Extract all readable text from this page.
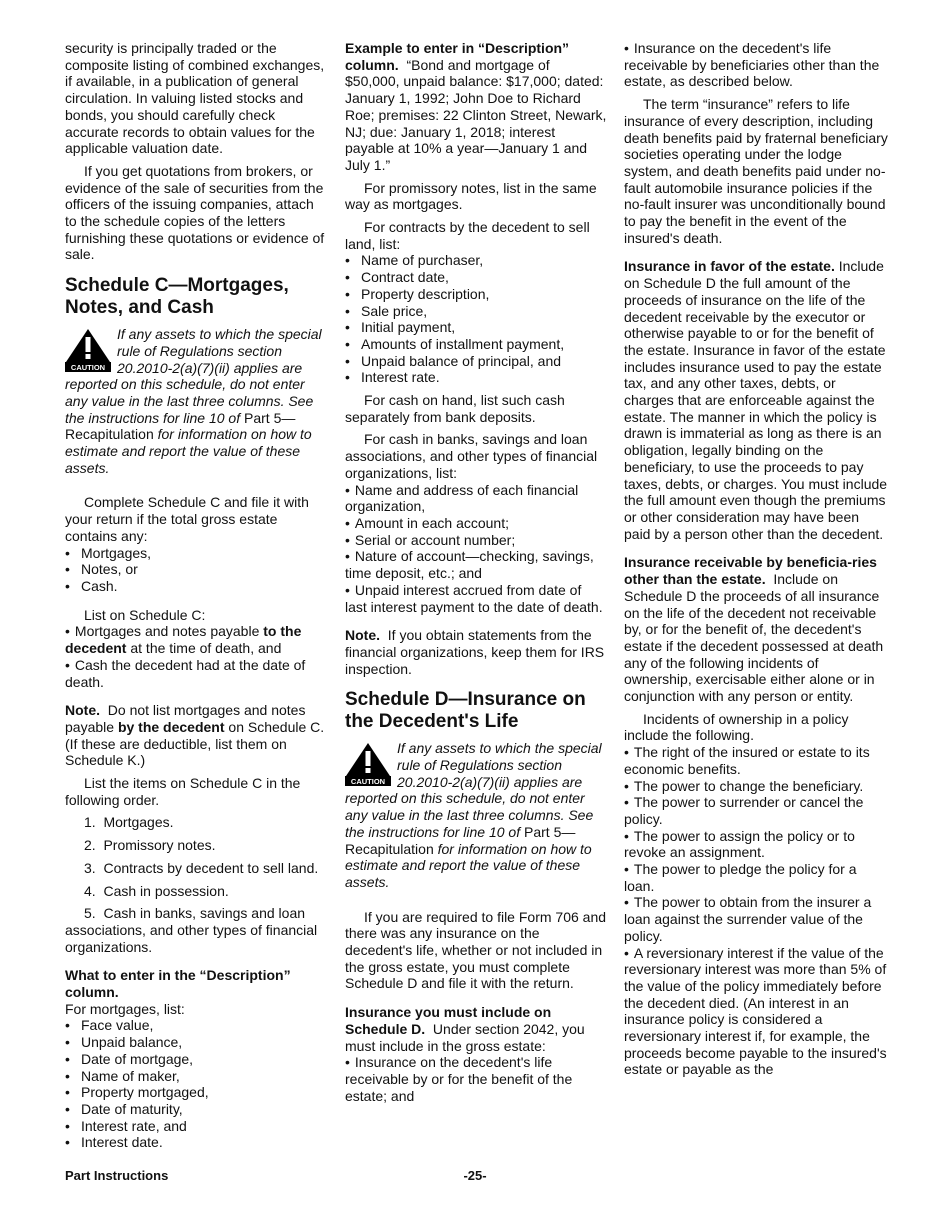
security is principally traded or the composite listing of combined exchanges, if available, in a publication of general circulation. In valuing listed stocks and bonds, you should carefully check accurate records to obtain values for the applicable valuation date.

If you get quotations from brokers, or evidence of the sale of securities from the officers of the issuing companies, attach to the schedule copies of the letters furnishing these quotations or evidence of sale.

Schedule C—Mortgages, Notes, and Cash
CAUTION
If any assets to which the special rule of Regulations section 20.2010-2(a)(7)(ii) applies are reported on this schedule, do not enter any value in the last three columns. See the instructions for line 10 of Part 5—Recapitulation for information on how to estimate and report the value of these assets.

Complete Schedule C and file it with your return if the total gross estate contains any:

• Mortgages,
• Notes, or
• Cash.

List on Schedule C:

• Mortgages and notes payable to the decedent at the time of death, and
• Cash the decedent had at the date of death.

Note. Do not list mortgages and notes payable by the decedent on Schedule C. (If these are deductible, list them on Schedule K.)

List the items on Schedule C in the following order.

1.  Mortgages.

2.  Promissory notes.

3.  Contracts by decedent to sell land.

4.  Cash in possession.

5.  Cash in banks, savings and loan associations, and other types of financial organizations.

What to enter in the “Description” column.
For mortgages, list:
• Face value,
• Unpaid balance,
• Date of mortgage,
• Name of maker,
• Property mortgaged,
• Date of maturity,
• Interest rate, and
• Interest date.

Example to enter in “Description” column. “Bond and mortgage of $50,000, unpaid balance: $17,000; dated: January 1, 1992; John Doe to Richard Roe; premises: 22 Clinton Street, Newark, NJ; due: January 1, 2018; interest payable at 10% a year—January 1 and July 1.”

For promissory notes, list in the same way as mortgages.

For contracts by the decedent to sell land, list:

• Name of purchaser,
• Contract date,
• Property description,
• Sale price,
• Initial payment,
• Amounts of installment payment,
• Unpaid balance of principal, and
• Interest rate.

For cash on hand, list such cash separately from bank deposits.

For cash in banks, savings and loan associations, and other types of financial organizations, list:

• Name and address of each financial organization,
• Amount in each account;
• Serial or account number;
• Nature of account—checking, savings, time deposit, etc.; and
• Unpaid interest accrued from date of last interest payment to the date of death.

Note. If you obtain statements from the financial organizations, keep them for IRS inspection.

Schedule D—Insurance on the Decedent's Life
CAUTION
If any assets to which the special rule of Regulations section 20.2010-2(a)(7)(ii) applies are reported on this schedule, do not enter any value in the last three columns. See the instructions for line 10 of Part 5—Recapitulation for information on how to estimate and report the value of these assets.

If you are required to file Form 706 and there was any insurance on the decedent's life, whether or not included in the gross estate, you must complete Schedule D and file it with the return.

Insurance you must include on Schedule D. Under section 2042, you must include in the gross estate:

• Insurance on the decedent's life receivable by or for the benefit of the estate; and
• Insurance on the decedent's life receivable by beneficiaries other than the estate, as described below.

The term “insurance” refers to life insurance of every description, including death benefits paid by fraternal beneficiary societies operating under the lodge system, and death benefits paid under no-fault automobile insurance policies if the no-fault insurer was unconditionally bound to pay the benefit in the event of the insured's death.

Insurance in favor of the estate. Include on Schedule D the full amount of the proceeds of insurance on the life of the decedent receivable by the executor or otherwise payable to or for the benefit of the estate. Insurance in favor of the estate includes insurance used to pay the estate tax, and any other taxes, debts, or charges that are enforceable against the estate. The manner in which the policy is drawn is immaterial as long as there is an obligation, legally binding on the beneficiary, to use the proceeds to pay taxes, debts, or charges. You must include the full amount even though the premiums or other consideration may have been paid by a person other than the decedent.

Insurance receivable by beneficia-ries other than the estate. Include on Schedule D the proceeds of all insurance on the life of the decedent not receivable by, or for the benefit of, the decedent's estate if the decedent possessed at death any of the following incidents of ownership, exercisable either alone or in conjunction with any person or entity.

Incidents of ownership in a policy include the following.

• The right of the insured or estate to its economic benefits.
• The power to change the beneficiary.
• The power to surrender or cancel the policy.
• The power to assign the policy or to revoke an assignment.
• The power to pledge the policy for a loan.
• The power to obtain from the insurer a loan against the surrender value of the policy.
• A reversionary interest if the value of the reversionary interest was more than 5% of the value of the policy immediately before the decedent died. (An interest in an insurance policy is considered a reversionary interest if, for example, the proceeds become payable to the insured's estate or payable as the
Part Instructions	-25-
